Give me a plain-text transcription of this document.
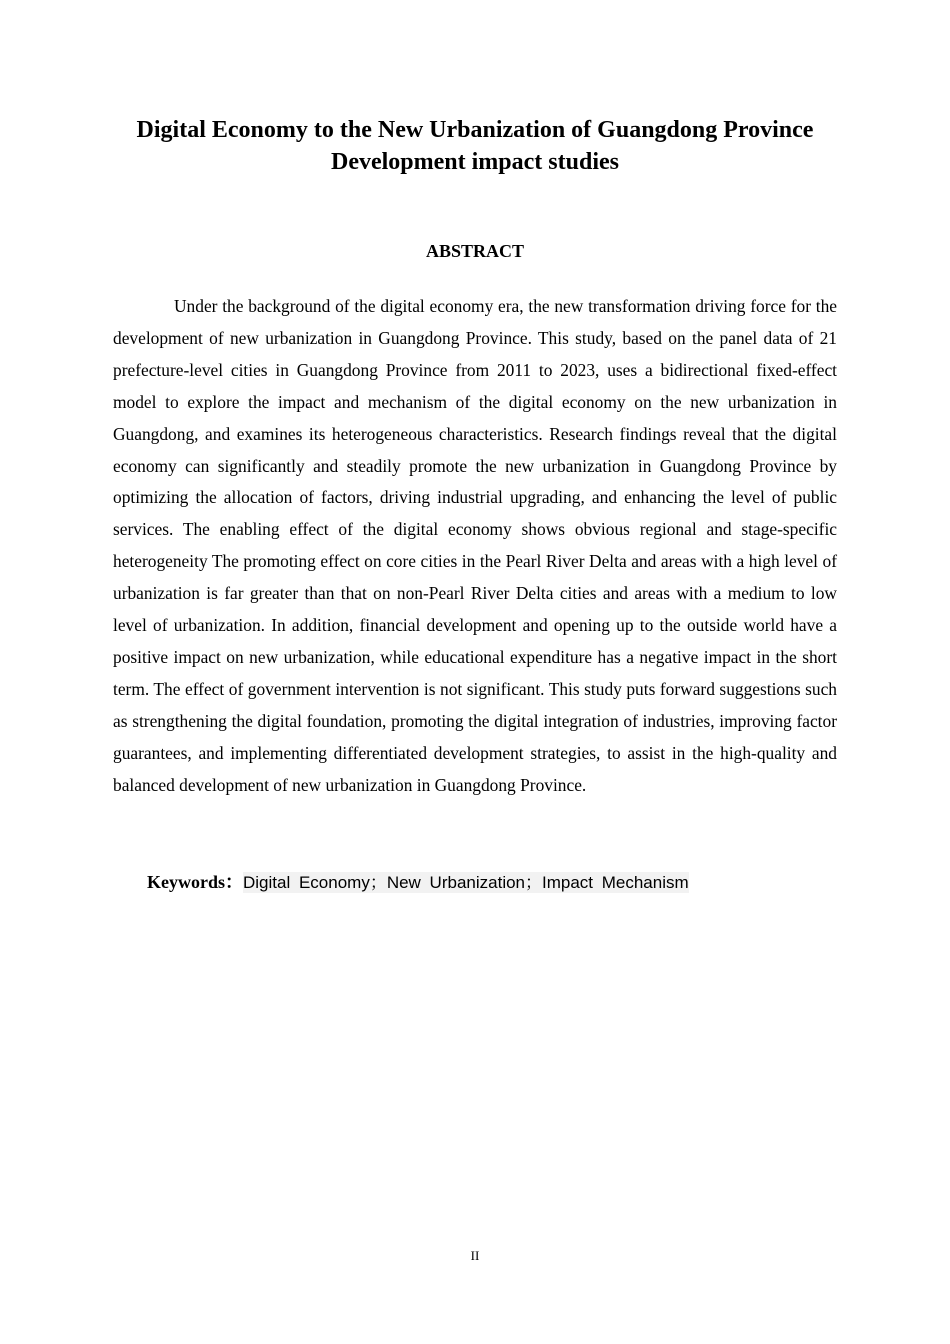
Digital Economy to the New Urbanization of Guangdong Province
Development impact studies
ABSTRACT

Under the background of the digital economy era, the new transformation driving force for the development of new urbanization in Guangdong Province. This study, based on the panel data of 21 prefecture-level cities in Guangdong Province from 2011 to 2023, uses a bidirectional fixed-effect model to explore the impact and mechanism of the digital economy on the new urbanization in Guangdong, and examines its heterogeneous characteristics. Research findings reveal that the digital economy can significantly and steadily promote the new urbanization in Guangdong Province by optimizing the allocation of factors, driving industrial upgrading, and enhancing the level of public services. The enabling effect of the digital economy shows obvious regional and stage-specific heterogeneity The promoting effect on core cities in the Pearl River Delta and areas with a high level of urbanization is far greater than that on non-Pearl River Delta cities and areas with a medium to low level of urbanization. In addition, financial development and opening up to the outside world have a positive impact on new urbanization, while educational expenditure has a negative impact in the short term. The effect of government intervention is not significant. This study puts forward suggestions such as strengthening the digital foundation, promoting the digital integration of industries, improving factor guarantees, and implementing differentiated development strategies, to assist in the high-quality and balanced development of new urbanization in Guangdong Province.

Keywords：Digital Economy；New Urbanization；Impact Mechanism

II
